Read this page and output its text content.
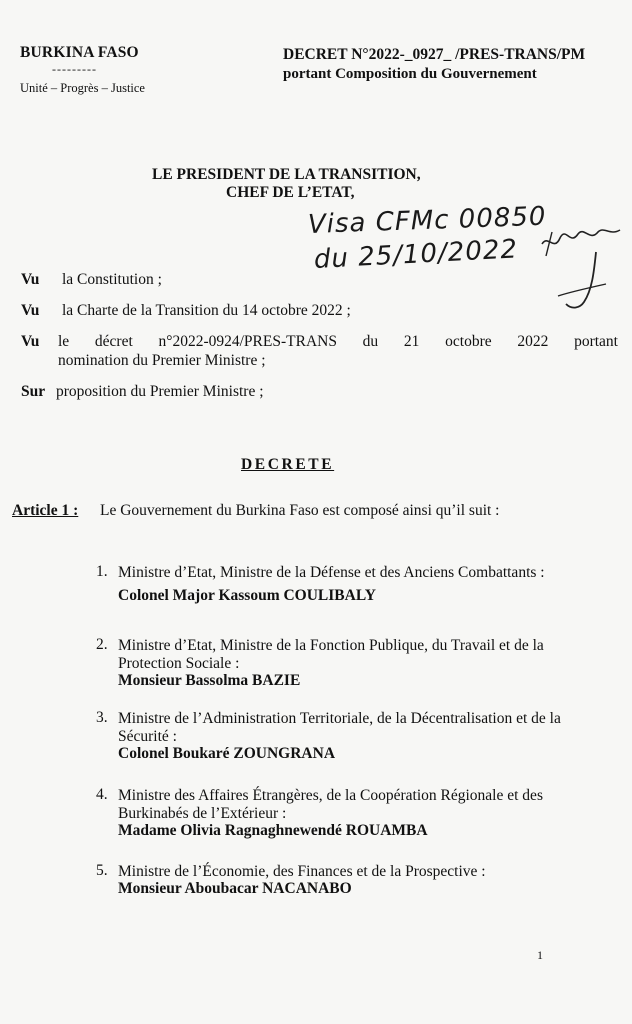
BURKINA FASO
---------
Unité – Progrès – Justice
DECRET N°2022-_0927_ /PRES-TRANS/PM
portant Composition du Gouvernement
LE PRESIDENT DE LA TRANSITION,
CHEF DE L’ETAT,
Visa CFMc 00850
du 25/10/2022
Vu la Constitution ;
Vu la Charte de la Transition du 14 octobre 2022 ;
Vu le décret n°2022-0924/PRES-TRANS du 21 octobre 2022 portant
nomination du Premier Ministre ;
Sur proposition du Premier Ministre ;
DECRETE
Article 1 : Le Gouvernement du Burkina Faso est composé ainsi qu’il suit :
1. Ministre d’Etat, Ministre de la Défense et des Anciens Combattants :
Colonel Major Kassoum COULIBALY
2. Ministre d’Etat, Ministre de la Fonction Publique, du Travail et de la
Protection Sociale :
Monsieur Bassolma BAZIE
3. Ministre de l’Administration Territoriale, de la Décentralisation et de la
Sécurité :
Colonel Boukaré ZOUNGRANA
4. Ministre des Affaires Étrangères, de la Coopération Régionale et des
Burkinabés de l’Extérieur :
Madame Olivia Ragnaghnewendé ROUAMBA
5. Ministre de l’Économie, des Finances et de la Prospective :
Monsieur Aboubacar NACANABO
1
